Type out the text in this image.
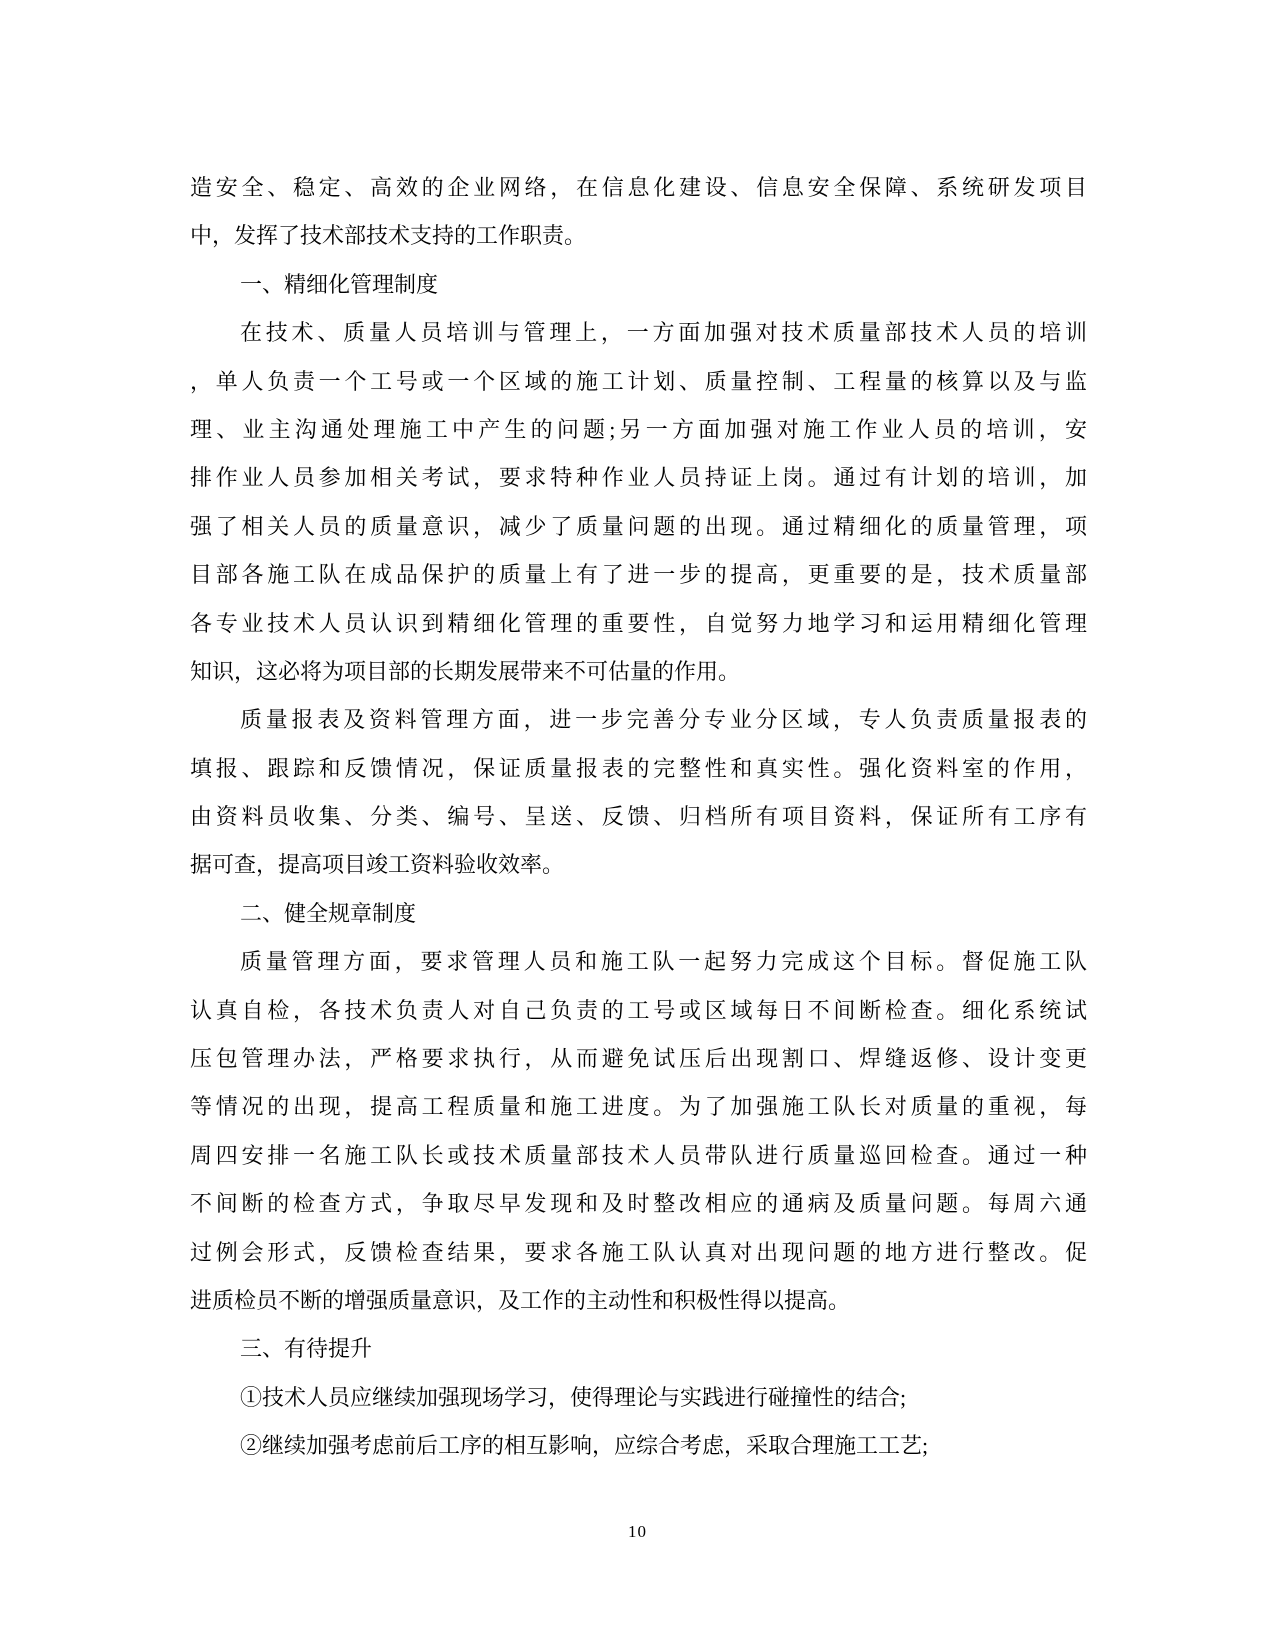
造安全、稳定、高效的企业网络，在信息化建设、信息安全保障、系统研发项目
中，发挥了技术部技术支持的工作职责。
一、精细化管理制度
在技术、质量人员培训与管理上，一方面加强对技术质量部技术人员的培训
，单人负责一个工号或一个区域的施工计划、质量控制、工程量的核算以及与监
理、业主沟通处理施工中产生的问题;另一方面加强对施工作业人员的培训，安
排作业人员参加相关考试，要求特种作业人员持证上岗。通过有计划的培训，加
强了相关人员的质量意识，减少了质量问题的出现。通过精细化的质量管理，项
目部各施工队在成品保护的质量上有了进一步的提高，更重要的是，技术质量部
各专业技术人员认识到精细化管理的重要性，自觉努力地学习和运用精细化管理
知识，这必将为项目部的长期发展带来不可估量的作用。
质量报表及资料管理方面，进一步完善分专业分区域，专人负责质量报表的
填报、跟踪和反馈情况，保证质量报表的完整性和真实性。强化资料室的作用，
由资料员收集、分类、编号、呈送、反馈、归档所有项目资料，保证所有工序有
据可查，提高项目竣工资料验收效率。
二、健全规章制度
质量管理方面，要求管理人员和施工队一起努力完成这个目标。督促施工队
认真自检，各技术负责人对自己负责的工号或区域每日不间断检查。细化系统试
压包管理办法，严格要求执行，从而避免试压后出现割口、焊缝返修、设计变更
等情况的出现，提高工程质量和施工进度。为了加强施工队长对质量的重视，每
周四安排一名施工队长或技术质量部技术人员带队进行质量巡回检查。通过一种
不间断的检查方式，争取尽早发现和及时整改相应的通病及质量问题。每周六通
过例会形式，反馈检查结果，要求各施工队认真对出现问题的地方进行整改。促
进质检员不断的增强质量意识，及工作的主动性和积极性得以提高。
三、有待提升
①技术人员应继续加强现场学习，使得理论与实践进行碰撞性的结合;
②继续加强考虑前后工序的相互影响，应综合考虑，采取合理施工工艺;
10
